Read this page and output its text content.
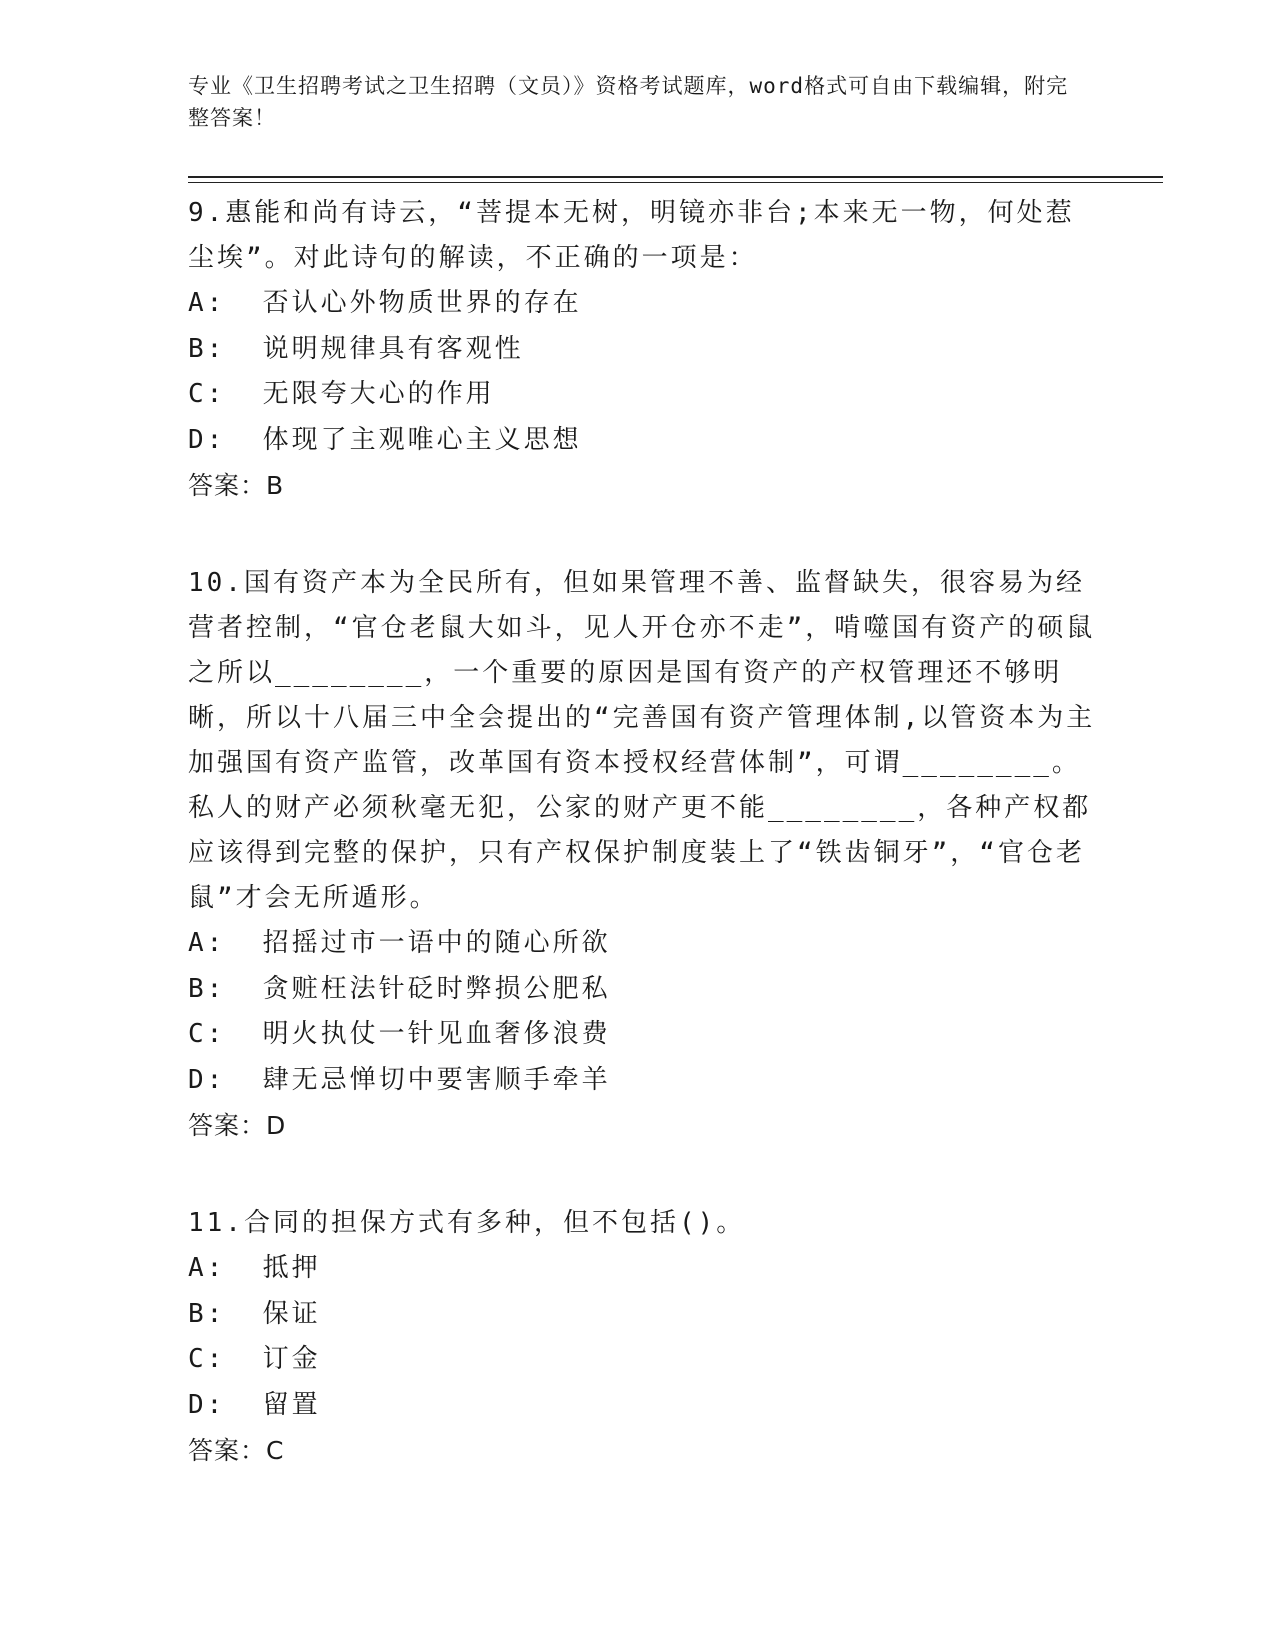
专业《卫生招聘考试之卫生招聘（文员）》资格考试题库，word格式可自由下载编辑，附完整答案！
9.惠能和尚有诗云，“菩提本无树，明镜亦非台;本来无一物，何处惹尘埃”。对此诗句的解读，不正确的一项是：
A:  否认心外物质世界的存在
B:  说明规律具有客观性
C:  无限夸大心的作用
D:  体现了主观唯心主义思想
答案：B
10.国有资产本为全民所有，但如果管理不善、监督缺失，很容易为经营者控制，“官仓老鼠大如斗，见人开仓亦不走”，啃噬国有资产的硕鼠之所以________，一个重要的原因是国有资产的产权管理还不够明晰，所以十八届三中全会提出的“完善国有资产管理体制,以管资本为主加强国有资产监管，改革国有资本授权经营体制”，可谓________。私人的财产必须秋毫无犯，公家的财产更不能________，各种产权都应该得到完整的保护，只有产权保护制度装上了“铁齿铜牙”，“官仓老鼠”才会无所遁形。
A:  招摇过市一语中的随心所欲
B:  贪赃枉法针砭时弊损公肥私
C:  明火执仗一针见血奢侈浪费
D:  肆无忌惮切中要害顺手牵羊
答案：D
11.合同的担保方式有多种，但不包括()。
A:  抵押
B:  保证
C:  订金
D:  留置
答案：C
